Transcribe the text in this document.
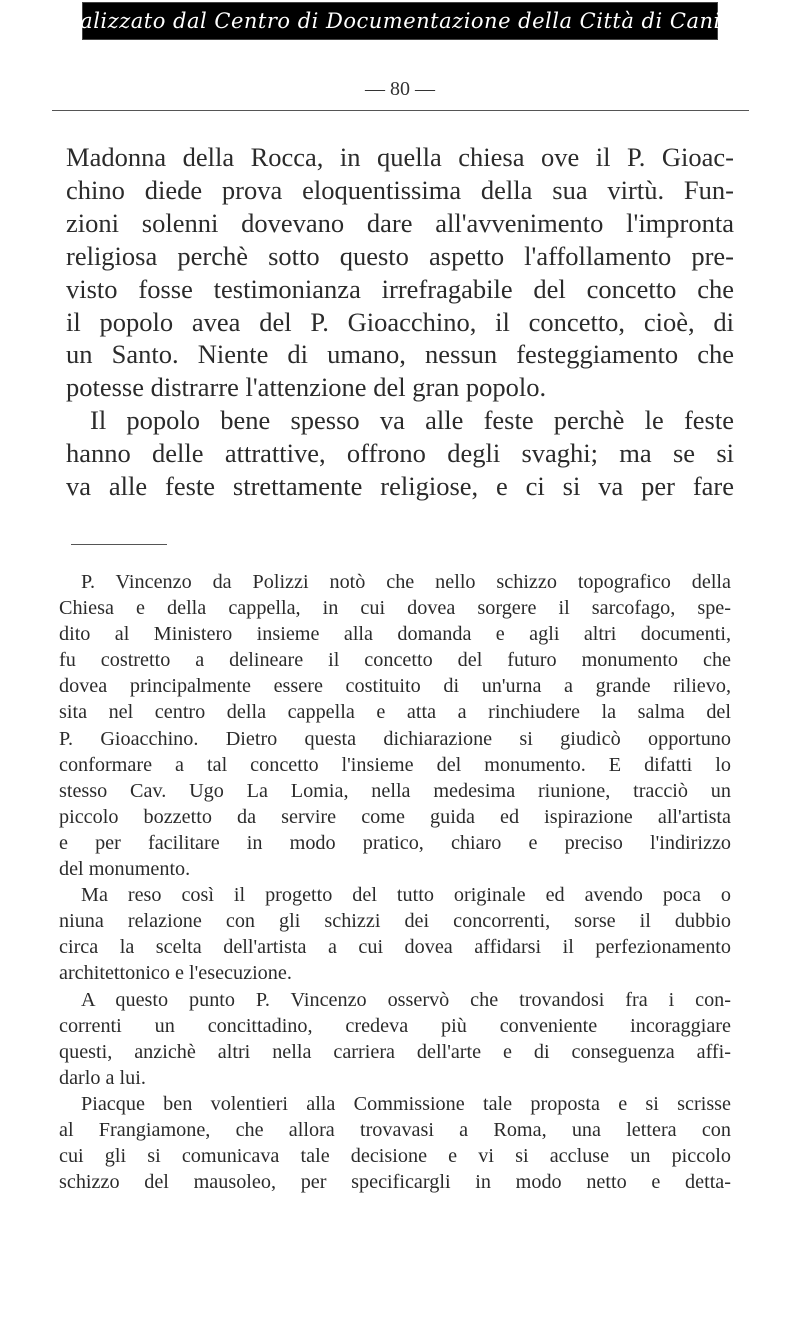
digitalizzato dal Centro di Documentazione della Città di Canicattì
— 80 —
Madonna della Rocca, in quella chiesa ove il P. Gioac-
chino diede prova eloquentissima della sua virtù. Fun-
zioni solenni dovevano dare all'avvenimento l'impronta
religiosa perchè sotto questo aspetto l'affollamento pre-
visto fosse testimonianza irrefragabile del concetto che
il popolo avea del P. Gioacchino, il concetto, cioè, di
un Santo. Niente di umano, nessun festeggiamento che
potesse distrarre l'attenzione del gran popolo.
Il popolo bene spesso va alle feste perchè le feste
hanno delle attrattive, offrono degli svaghi; ma se si
va alle feste strettamente religiose, e ci si va per fare
P. Vincenzo da Polizzi notò che nello schizzo topografico della
Chiesa e della cappella, in cui dovea sorgere il sarcofago, spe-
dito al Ministero insieme alla domanda e agli altri documenti,
fu costretto a delineare il concetto del futuro monumento che
dovea principalmente essere costituito di un'urna a grande rilievo,
sita nel centro della cappella e atta a rinchiudere la salma del
P. Gioacchino. Dietro questa dichiarazione si giudicò opportuno
conformare a tal concetto l'insieme del monumento. E difatti lo
stesso Cav. Ugo La Lomia, nella medesima riunione, tracciò un
piccolo bozzetto da servire come guida ed ispirazione all'artista
e per facilitare in modo pratico, chiaro e preciso l'indirizzo
del monumento.
Ma reso così il progetto del tutto originale ed avendo poca o
niuna relazione con gli schizzi dei concorrenti, sorse il dubbio
circa la scelta dell'artista a cui dovea affidarsi il perfezionamento
architettonico e l'esecuzione.
A questo punto P. Vincenzo osservò che trovandosi fra i con-
correnti un concittadino, credeva più conveniente incoraggiare
questi, anzichè altri nella carriera dell'arte e di conseguenza affi-
darlo a lui.
Piacque ben volentieri alla Commissione tale proposta e si scrisse
al Frangiamone, che allora trovavasi a Roma, una lettera con
cui gli si comunicava tale decisione e vi si accluse un piccolo
schizzo del mausoleo, per specificargli in modo netto e detta-
